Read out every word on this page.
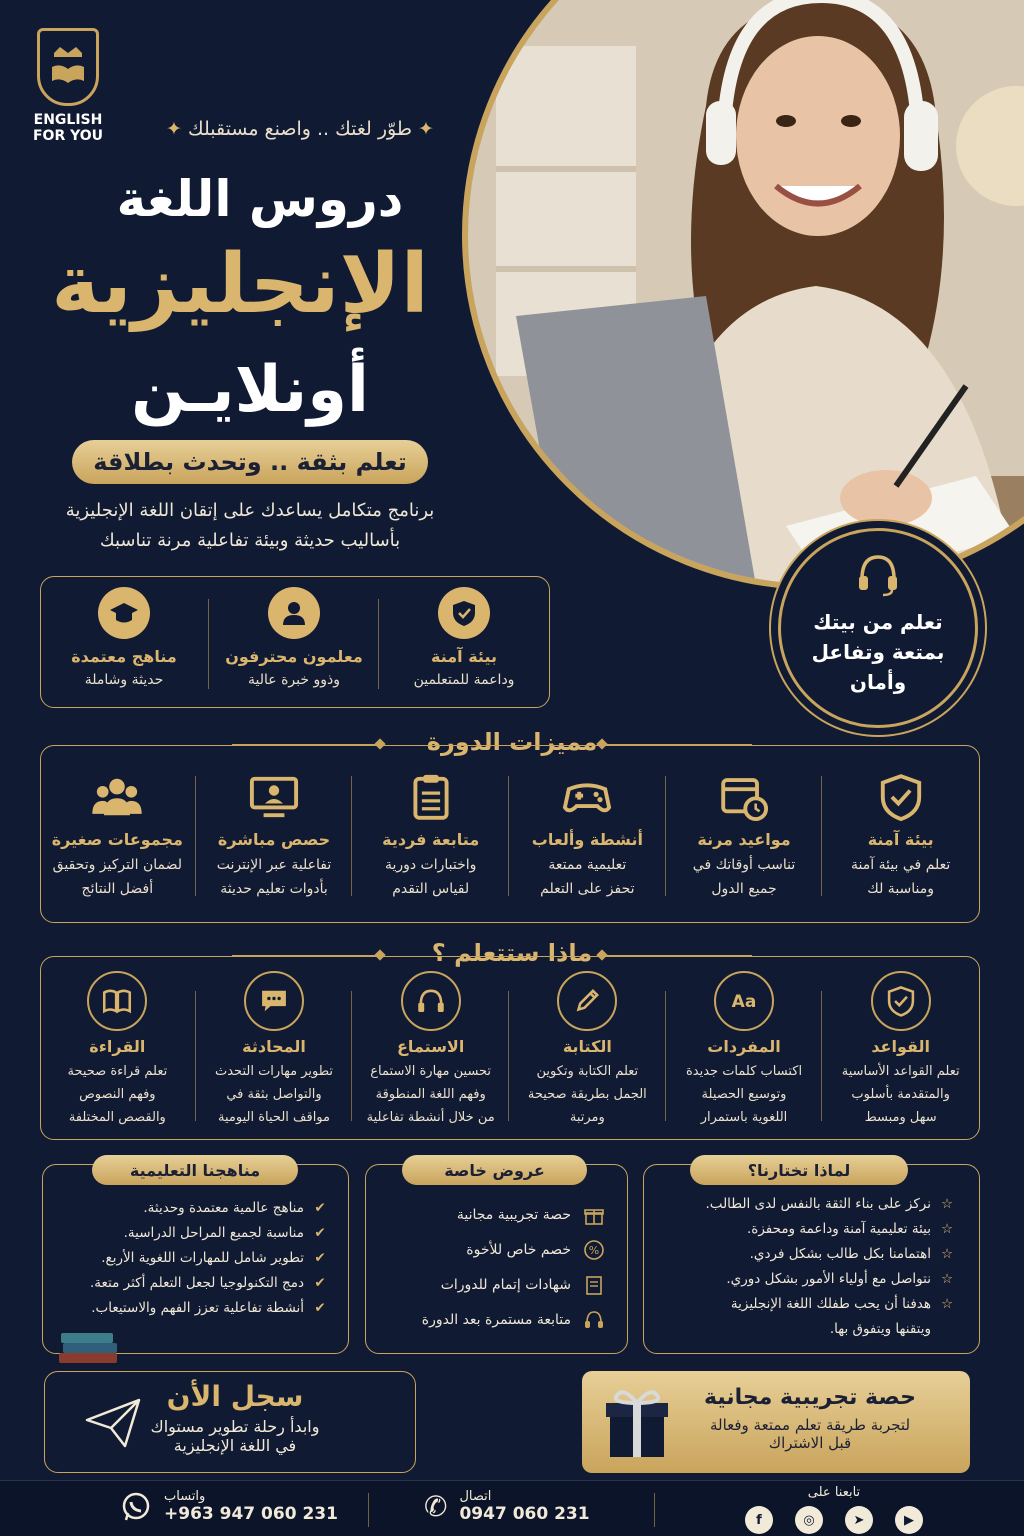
ENGLISH
FOR YOU	✦ طوّر لغتك .. واصنع مستقبلك ✦
دروس اللغة
الإنجليزية
أونلايـن
تعلم بثقة .. وتحدث بطلاقة
برنامج متكامل يساعدك على إتقان اللغة الإنجليزية
بأساليب حديثة وبيئة تفاعلية مرنة تناسبك
تعلم من بيتك
بمتعة وتفاعل
وأمان
بيئة آمنة
وداعمة للمتعلمين
معلمون محترفون
وذوو خبرة عالية
مناهج معتمدة
حديثة وشاملة
مميزات الدورة
بيئة آمنة
تعلم في بيئة آمنة
ومناسبة لك
مواعيد مرنة
تناسب أوقاتك في
جميع الدول
أنشطة وألعاب
تعليمية ممتعة
تحفز على التعلم
متابعة فردية
واختبارات دورية
لقياس التقدم
حصص مباشرة
تفاعلية عبر الإنترنت
بأدوات تعليم حديثة
مجموعات صغيرة
لضمان التركيز وتحقيق
أفضل النتائج
ماذا ستتعلم ؟
القواعد
تعلم القواعد الأساسية
والمتقدمة بأسلوب
سهل ومبسط
Aa
المفردات
اكتساب كلمات جديدة
وتوسيع الحصيلة
اللغوية باستمرار
الكتابة
تعلم الكتابة وتكوين
الجمل بطريقة صحيحة
ومرتبة
الاستماع
تحسين مهارة الاستماع
وفهم اللغة المنطوقة
من خلال أنشطة تفاعلية
المحادثة
تطوير مهارات التحدث
والتواصل بثقة في
مواقف الحياة اليومية
القراءة
تعلم قراءة صحيحة
وفهم النصوص
والقصص المختلفة
☆
نركز على بناء الثقة بالنفس لدى الطالب.
☆
بيئة تعليمية آمنة وداعمة ومحفزة.
☆
اهتمامنا بكل طالب بشكل فردي.
☆
نتواصل مع أولياء الأمور بشكل دوري.
☆
هدفنا أن يحب طفلك اللغة الإنجليزية
ويتقنها ويتفوق بها.
لماذا تختارنا؟
حصة تجريبية مجانية
%
خصم خاص للأخوة
شهادات إتمام للدورات
متابعة مستمرة بعد الدورة
عروض خاصة
✔
مناهج عالمية معتمدة وحديثة.
✔
مناسبة لجميع المراحل الدراسية.
✔
تطوير شامل للمهارات اللغوية الأربع.
✔
دمج التكنولوجيا لجعل التعلم أكثر متعة.
✔
أنشطة تفاعلية تعزز الفهم والاستيعاب.
مناهجنا التعليمية
حصة تجريبية مجانية
لتجربة طريقة تعلم ممتعة وفعالة
قبل الاشتراك
سجل الأن
وابدأ رحلة تطوير مستواك
في اللغة الإنجليزية
تابعنا على
f	◎	➤	▶
✆ اتصال
0947 060 231
واتساب
+963 947 060 231
